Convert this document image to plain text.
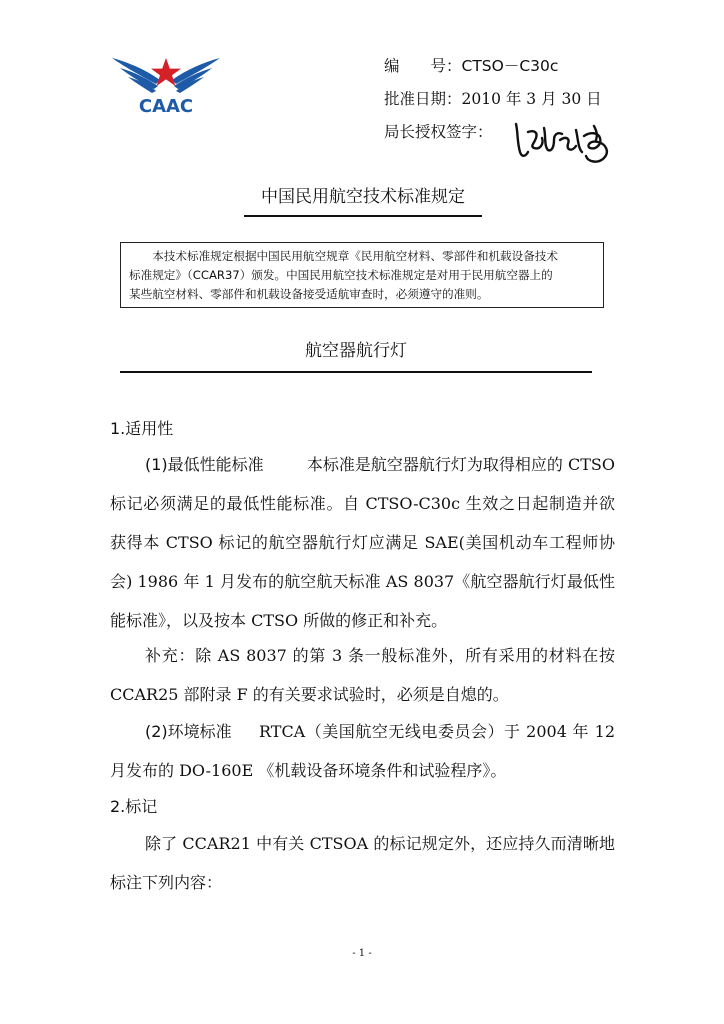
CAAC
编　　号：CTSO－C30c
批准日期：2010 年 3 月 30 日
局长授权签字：
中国民用航空技术标准规定
本技术标准规定根据中国民用航空规章《民用航空材料、零部件和机载设备技术
标准规定》（CCAR37）颁发。中国民用航空技术标准规定是对用于民用航空器上的
某些航空材料、零部件和机载设备接受适航审查时，必须遵守的准则。
航空器航行灯
1.适用性
(1)最低性能标准	本标准是航空器航行灯为取得相应的 CTSO
标记必须满足的最低性能标准。自 CTSO-C30c 生效之日起制造并欲
获得本 CTSO 标记的航空器航行灯应满足 SAE(美国机动车工程师协
会) 1986 年 1 月发布的航空航天标准 AS 8037《航空器航行灯最低性
能标准》，以及按本 CTSO 所做的修正和补充。
补充：除 AS 8037 的第 3 条一般标准外，所有采用的材料在按
CCAR25 部附录 F 的有关要求试验时，必须是自熄的。
(2)环境标准 RTCA（美国航空无线电委员会）于 2004 年 12
月发布的 DO-160E 《机载设备环境条件和试验程序》。
2.标记
除了 CCAR21 中有关 CTSOA 的标记规定外，还应持久而清晰地
标注下列内容：
- 1 -
